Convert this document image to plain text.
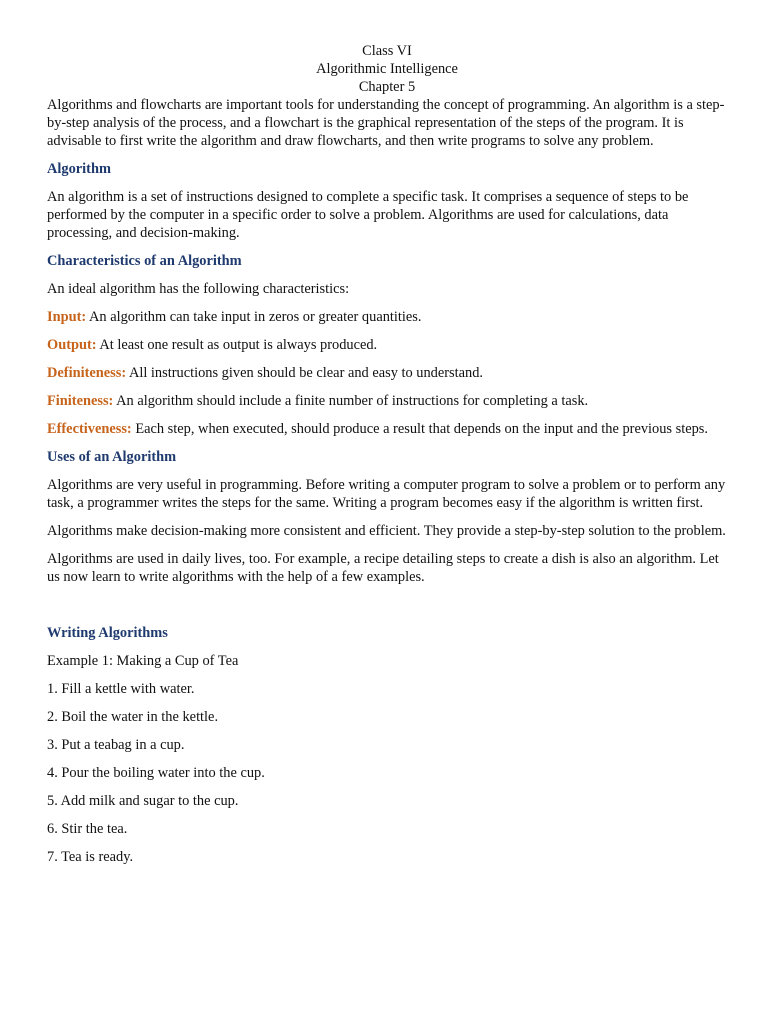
Class VI
Algorithmic Intelligence
Chapter 5

Algorithms and flowcharts are important tools for understanding the concept of programming. An algorithm is a step-by-step analysis of the process, and a flowchart is the graphical representation of the steps of the program. It is advisable to first write the algorithm and draw flowcharts, and then write programs to solve any problem.

Algorithm

An algorithm is a set of instructions designed to complete a specific task. It comprises a sequence of steps to be performed by the computer in a specific order to solve a problem. Algorithms are used for calculations, data processing, and decision-making.

Characteristics of an Algorithm

An ideal algorithm has the following characteristics:

Input: An algorithm can take input in zeros or greater quantities.

Output: At least one result as output is always produced.

Definiteness: All instructions given should be clear and easy to understand.

Finiteness: An algorithm should include a finite number of instructions for completing a task.

Effectiveness: Each step, when executed, should produce a result that depends on the input and the previous steps.

Uses of an Algorithm

Algorithms are very useful in programming. Before writing a computer program to solve a problem or to perform any task, a programmer writes the steps for the same. Writing a program becomes easy if the algorithm is written first.

Algorithms make decision-making more consistent and efficient. They provide a step-by-step solution to the problem.

Algorithms are used in daily lives, too. For example, a recipe detailing steps to create a dish is also an algorithm. Let us now learn to write algorithms with the help of a few examples.

Writing Algorithms

Example 1: Making a Cup of Tea

1. Fill a kettle with water.

2. Boil the water in the kettle.

3. Put a teabag in a cup.

4. Pour the boiling water into the cup.

5. Add milk and sugar to the cup.

6. Stir the tea.

7. Tea is ready.
